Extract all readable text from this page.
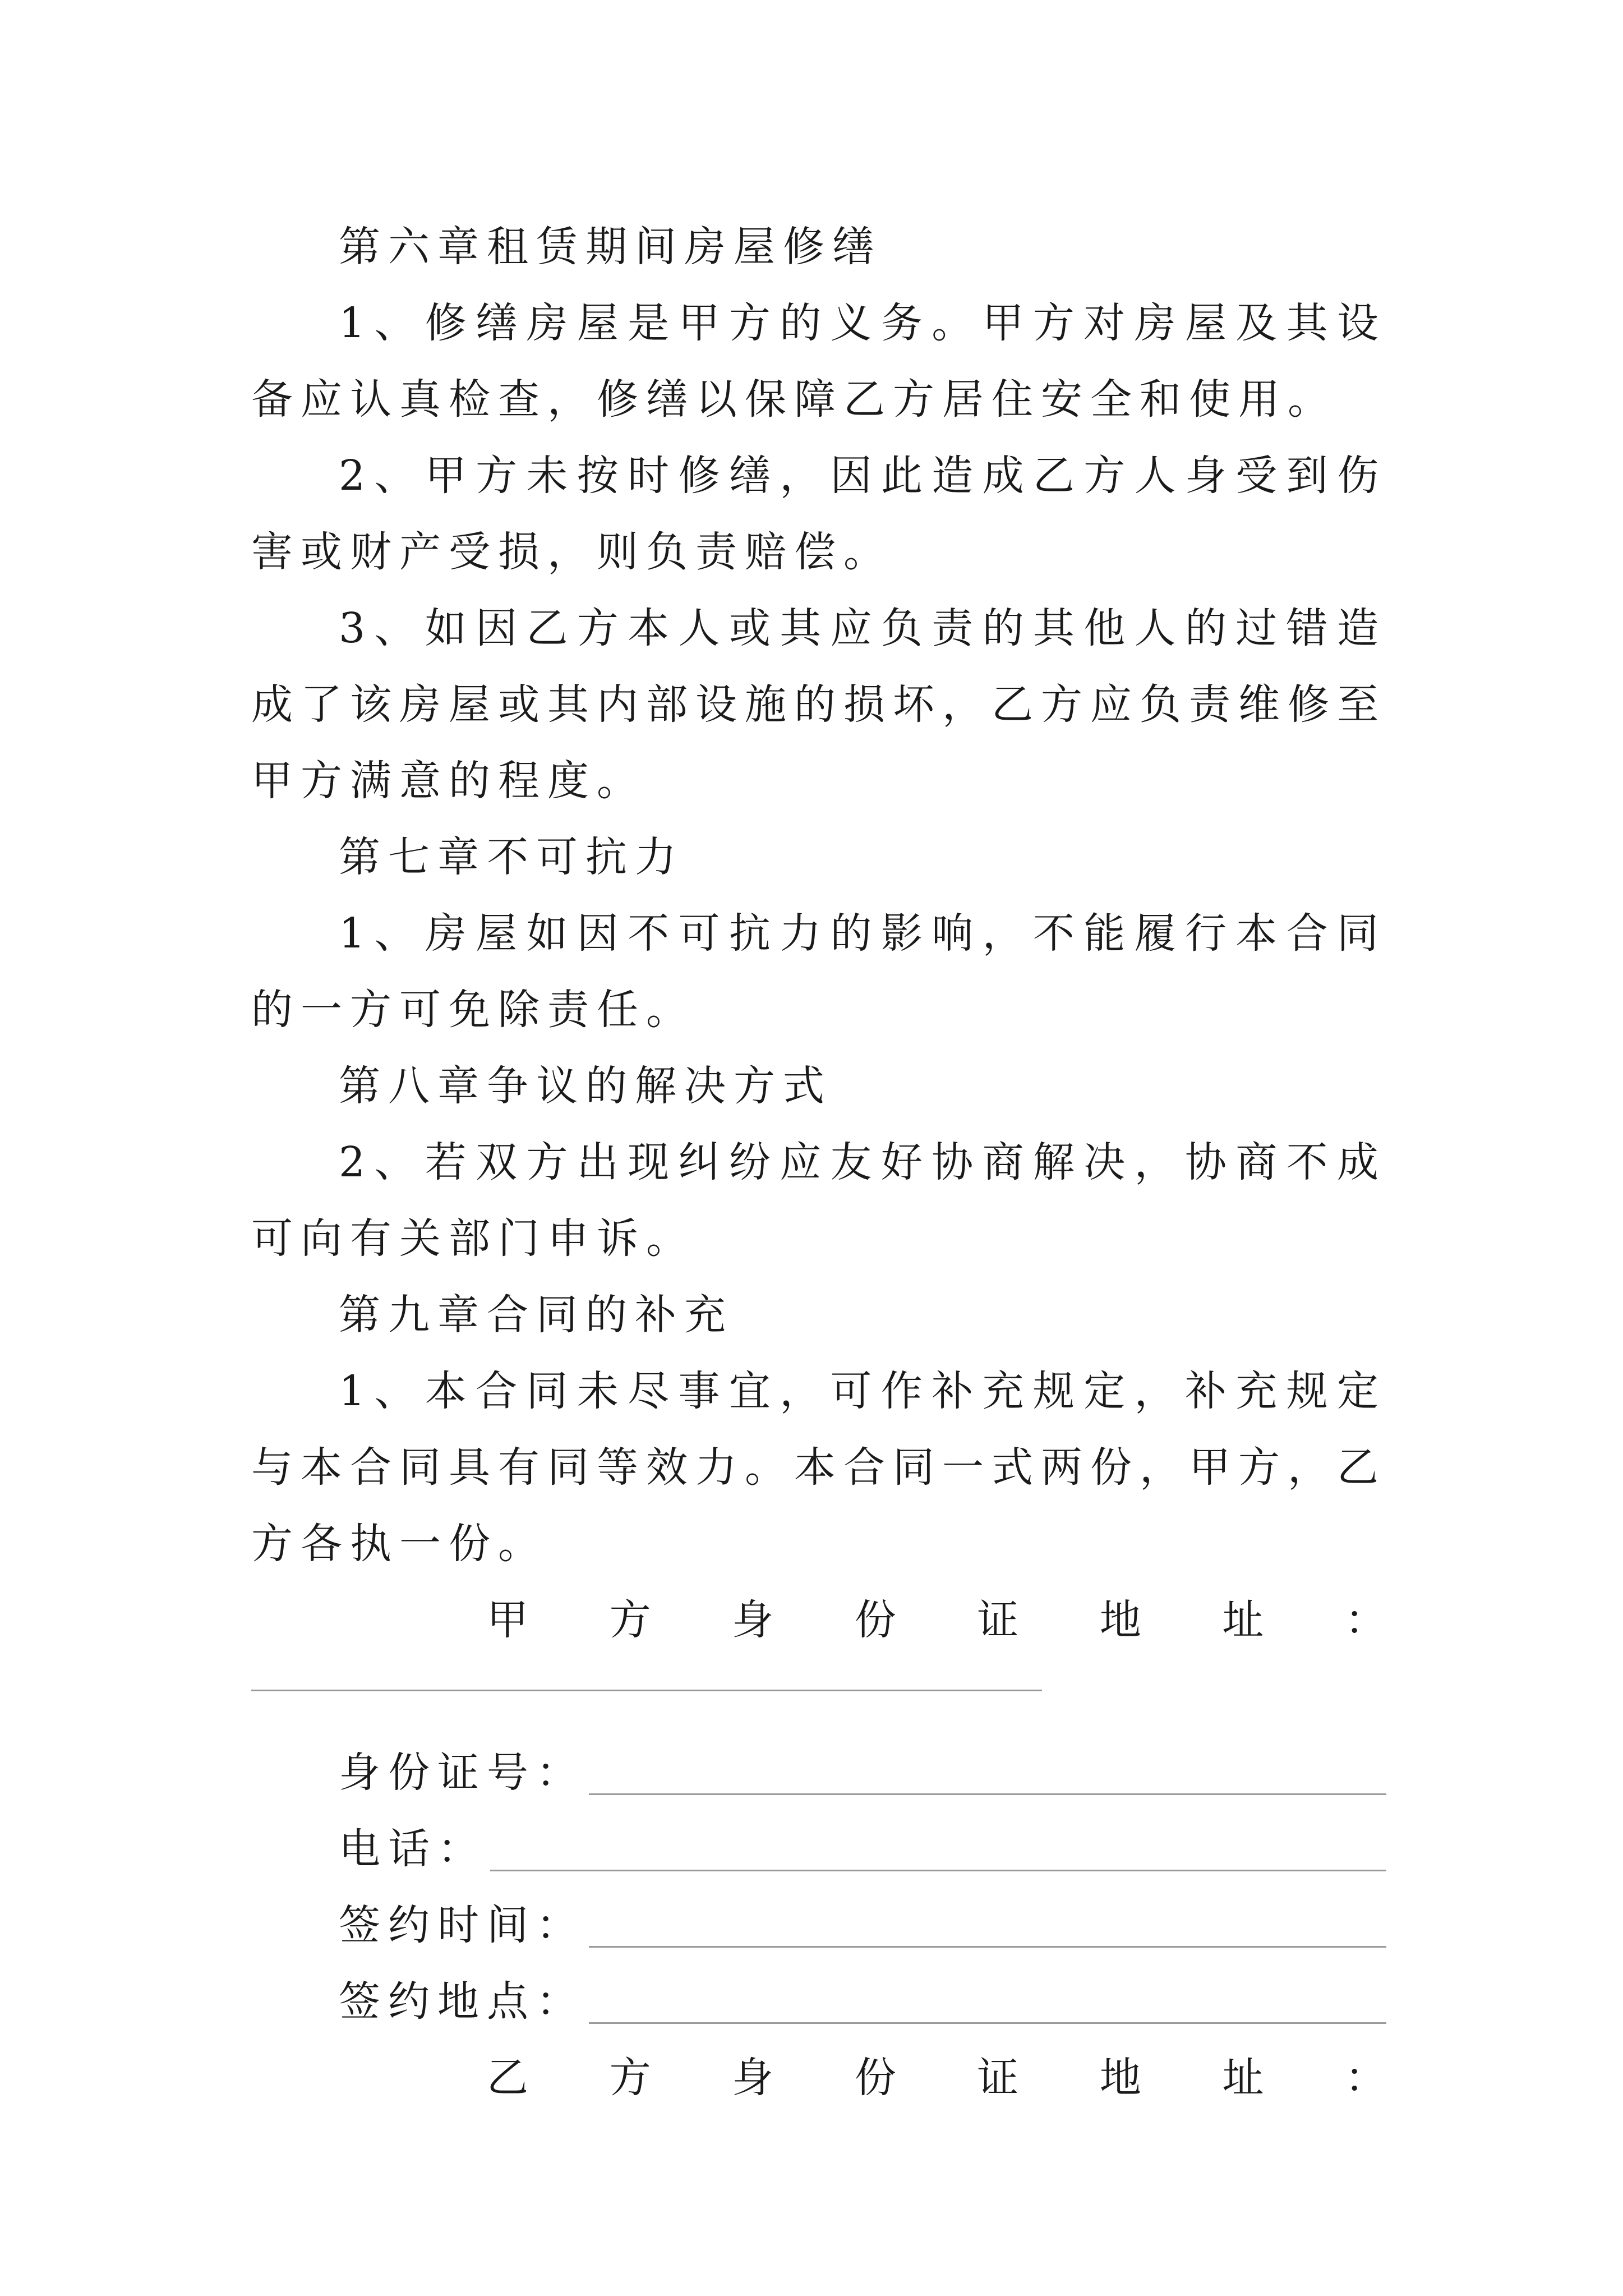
第六章租赁期间房屋修缮

1、修缮房屋是甲方的义务。甲方对房屋及其设备应认真检查，修缮以保障乙方居住安全和使用。

2、甲方未按时修缮，因此造成乙方人身受到伤害或财产受损，则负责赔偿。

3、如因乙方本人或其应负责的其他人的过错造成了该房屋或其内部设施的损坏，乙方应负责维修至甲方满意的程度。

第七章不可抗力

1、房屋如因不可抗力的影响，不能履行本合同的一方可免除责任。

第八章争议的解决方式

2、若双方出现纠纷应友好协商解决，协商不成可向有关部门申诉。

第九章合同的补充

1、本合同未尽事宜，可作补充规定，补充规定与本合同具有同等效力。本合同一式两份，甲方，乙方各执一份。

甲 方 身 份 证 地 址 ：
身份证号：
电话：
签约时间：
签约地点：
乙 方 身 份 证 地 址 ：
